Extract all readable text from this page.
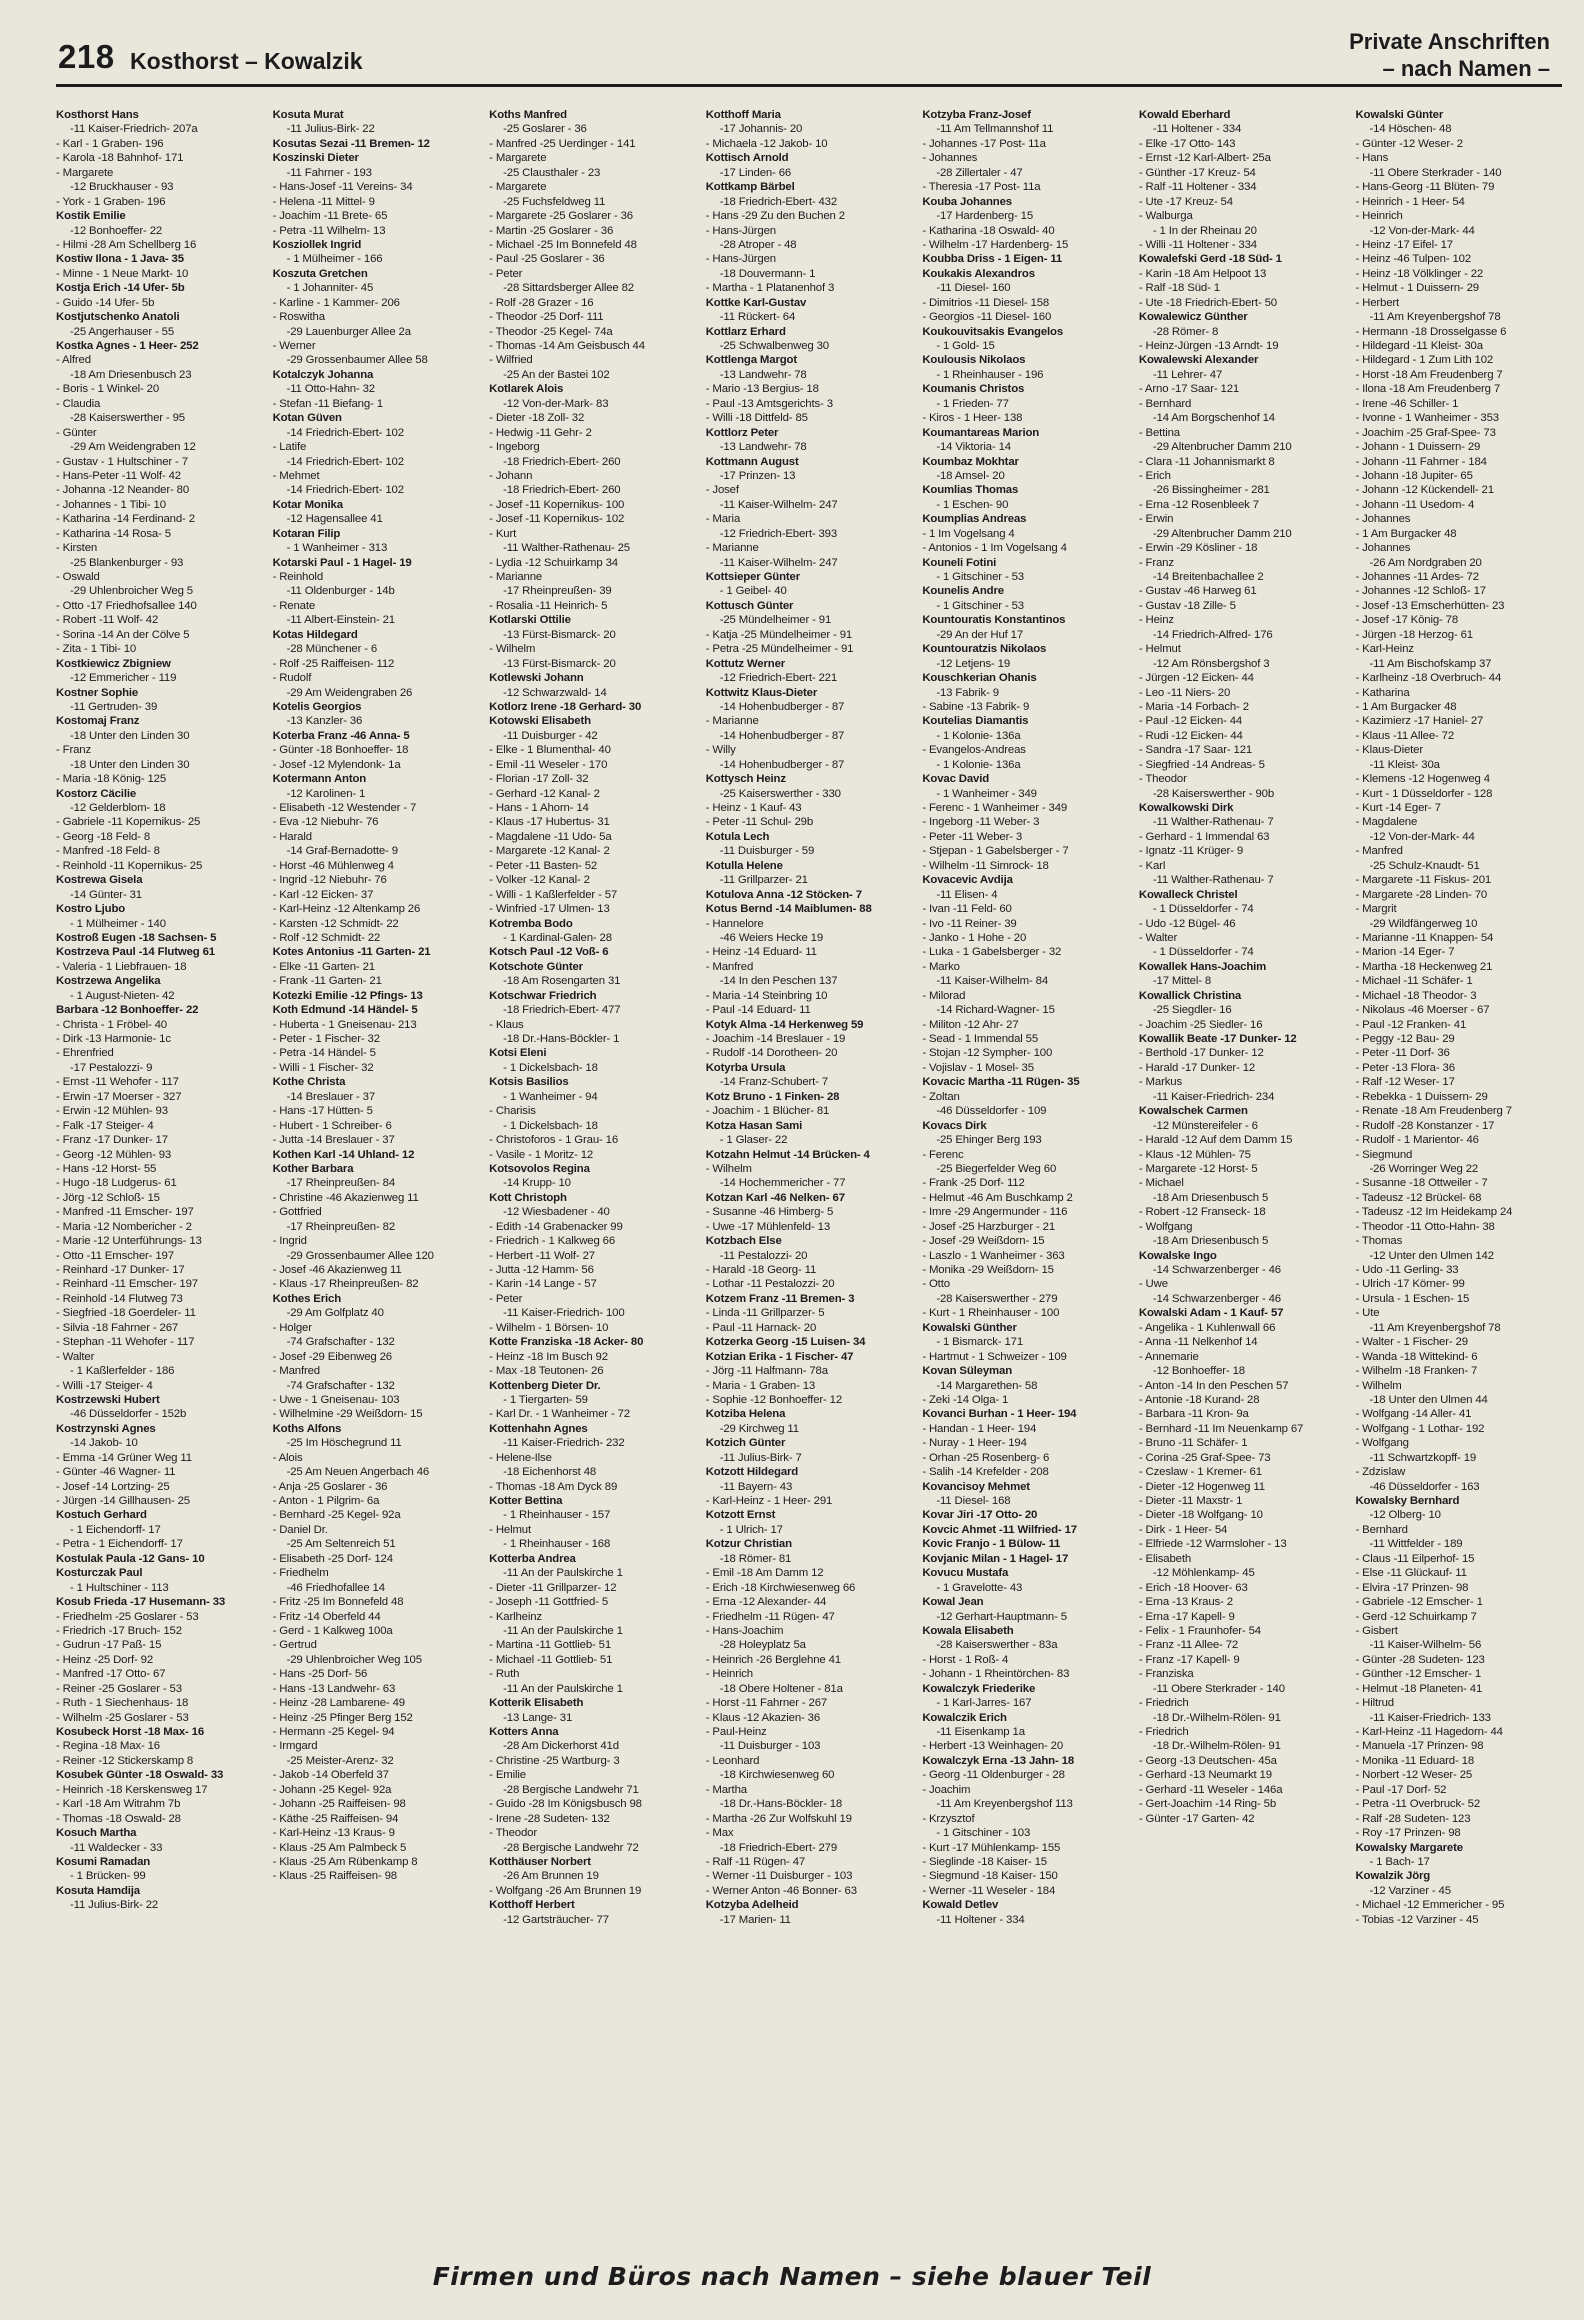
218 Kosthorst – Kowalzik
Private Anschriften
– nach Namen –
Kosthorst Hans
-11 Kaiser-Friedrich- 207a
- Karl - 1 Graben- 196
- Karola -18 Bahnhof- 171
- Margarete
-12 Bruckhauser - 93
- York - 1 Graben- 196
Kostik Emilie
-12 Bonhoeffer- 22
- Hilmi -28 Am Schellberg 16
Kostiw Ilona - 1 Java- 35
- Minne - 1 Neue Markt- 10
Kostja Erich -14 Ufer- 5b
- Guido -14 Ufer- 5b
Kostjutschenko Anatoli
-25 Angerhauser - 55
Kostka Agnes - 1 Heer- 252
- Alfred
-18 Am Driesenbusch 23
- Boris - 1 Winkel- 20
- Claudia
-28 Kaiserswerther - 95
- Günter
-29 Am Weidengraben 12
- Gustav - 1 Hultschiner - 7
- Hans-Peter -11 Wolf- 42
- Johanna -12 Neander- 80
- Johannes - 1 Tibi- 10
- Katharina -14 Ferdinand- 2
- Katharina -14 Rosa- 5
- Kirsten
-25 Blankenburger - 93
- Oswald
-29 Uhlenbroicher Weg 5
- Otto -17 Friedhofsallee 140
- Robert -11 Wolf- 42
- Sorina -14 An der Cölve 5
- Zita - 1 Tibi- 10
Kostkiewicz Zbigniew
-12 Emmericher - 119
Kostner Sophie
-11 Gertruden- 39
Kostomaj Franz
-18 Unter den Linden 30
- Franz
-18 Unter den Linden 30
- Maria -18 König- 125
Kostorz Cäcilie
-12 Gelderblom- 18
- Gabriele -11 Kopernikus- 25
- Georg -18 Feld- 8
- Manfred -18 Feld- 8
- Reinhold -11 Kopernikus- 25
Kostrewa Gisela
-14 Günter- 31
Kostro Ljubo
- 1 Mülheimer - 140
Kostroß Eugen -18 Sachsen- 5
Kostrzeva Paul -14 Flutweg 61
- Valeria - 1 Liebfrauen- 18
Kostrzewa Angelika
- 1 August-Nieten- 42
Barbara -12 Bonhoeffer- 22
- Christa - 1 Fröbel- 40
- Dirk -13 Harmonie- 1c
- Ehrenfried
-17 Pestalozzi- 9
- Ernst -11 Wehofer - 117
- Erwin -17 Moerser - 327
- Erwin -12 Mühlen- 93
- Falk -17 Steiger- 4
- Franz -17 Dunker- 17
- Georg -12 Mühlen- 93
- Hans -12 Horst- 55
- Hugo -18 Ludgerus- 61
- Jörg -12 Schloß- 15
- Manfred -11 Emscher- 197
- Maria -12 Nombericher - 2
- Marie -12 Unterführungs- 13
- Otto -11 Emscher- 197
- Reinhard -17 Dunker- 17
- Reinhard -11 Emscher- 197
- Reinhold -14 Flutweg 73
- Siegfried -18 Goerdeler- 11
- Silvia -18 Fahrner - 267
- Stephan -11 Wehofer - 117
- Walter
- 1 Kaßlerfelder - 186
- Willi -17 Steiger- 4
Kostrzewski Hubert
-46 Düsseldorfer - 152b
Kostrzynski Agnes
-14 Jakob- 10
- Emma -14 Grüner Weg 11
- Günter -46 Wagner- 11
- Josef -14 Lortzing- 25
- Jürgen -14 Gillhausen- 25
Kostuch Gerhard
- 1 Eichendorff- 17
- Petra - 1 Eichendorff- 17
Kostulak Paula -12 Gans- 10
Kosturczak Paul
- 1 Hultschiner - 113
Kosub Frieda -17 Husemann- 33
- Friedhelm -25 Goslarer - 53
- Friedrich -17 Bruch- 152
- Gudrun -17 Paß- 15
- Heinz -25 Dorf- 92
- Manfred -17 Otto- 67
- Reiner -25 Goslarer - 53
- Ruth - 1 Siechenhaus- 18
- Wilhelm -25 Goslarer - 53
Kosubeck Horst -18 Max- 16
- Regina -18 Max- 16
- Reiner -12 Stickerskamp 8
Kosubek Günter -18 Oswald- 33
- Heinrich -18 Kerskensweg 17
- Karl -18 Am Witrahm 7b
- Thomas -18 Oswald- 28
Kosuch Martha
-11 Waldecker - 33
Kosumi Ramadan
- 1 Brücken- 99
Kosuta Hamdija
-11 Julius-Birk- 22
Kosuta Murat
-11 Julius-Birk- 22
Kosutas Sezai -11 Bremen- 12
Koszinski Dieter
-11 Fahrner - 193
- Hans-Josef -11 Vereins- 34
- Helena -11 Mittel- 9
- Joachim -11 Brete- 65
- Petra -11 Wilhelm- 13
Kosziollek Ingrid
- 1 Mülheimer - 166
Koszuta Gretchen
- 1 Johanniter- 45
- Karline - 1 Kammer- 206
- Roswitha
-29 Lauenburger Allee 2a
- Werner
-29 Grossenbaumer Allee 58
Kotalczyk Johanna
-11 Otto-Hahn- 32
- Stefan -11 Biefang- 1
Kotan Güven
-14 Friedrich-Ebert- 102
- Latife
-14 Friedrich-Ebert- 102
- Mehmet
-14 Friedrich-Ebert- 102
Kotar Monika
-12 Hagensallee 41
Kotaran Filip
- 1 Wanheimer - 313
Kotarski Paul - 1 Hagel- 19
- Reinhold
-11 Oldenburger - 14b
- Renate
-11 Albert-Einstein- 21
Kotas Hildegard
-28 Münchener - 6
- Rolf -25 Raiffeisen- 112
- Rudolf
-29 Am Weidengraben 26
Kotelis Georgios
-13 Kanzler- 36
Koterba Franz -46 Anna- 5
- Günter -18 Bonhoeffer- 18
- Josef -12 Mylendonk- 1a
Kotermann Anton
-12 Karolinen- 1
- Elisabeth -12 Westender - 7
- Eva -12 Niebuhr- 76
- Harald
-14 Graf-Bernadotte- 9
- Horst -46 Mühlenweg 4
- Ingrid -12 Niebuhr- 76
- Karl -12 Eicken- 37
- Karl-Heinz -12 Altenkamp 26
- Karsten -12 Schmidt- 22
- Rolf -12 Schmidt- 22
Kotes Antonius -11 Garten- 21
- Elke -11 Garten- 21
- Frank -11 Garten- 21
Kotezki Emilie -12 Pfings- 13
Koth Edmund -14 Händel- 5
- Huberta - 1 Gneisenau- 213
- Peter - 1 Fischer- 32
- Petra -14 Händel- 5
- Willi - 1 Fischer- 32
Kothe Christa
-14 Breslauer - 37
- Hans -17 Hütten- 5
- Hubert - 1 Schreiber- 6
- Jutta -14 Breslauer - 37
Kothen Karl -14 Uhland- 12
Kother Barbara
-17 Rheinpreußen- 84
- Christine -46 Akazienweg 11
- Gottfried
-17 Rheinpreußen- 82
- Ingrid
-29 Grossenbaumer Allee 120
- Josef -46 Akazienweg 11
- Klaus -17 Rheinpreußen- 82
Kothes Erich
-29 Am Golfplatz 40
- Holger
-74 Grafschafter - 132
- Josef -29 Eibenweg 26
- Manfred
-74 Grafschafter - 132
- Uwe - 1 Gneisenau- 103
- Wilhelmine -29 Weißdorn- 15
Koths Alfons
-25 Im Höschegrund 11
- Alois
-25 Am Neuen Angerbach 46
- Anja -25 Goslarer - 36
- Anton - 1 Pilgrim- 6a
- Bernhard -25 Kegel- 92a
- Daniel Dr.
-25 Am Seltenreich 51
- Elisabeth -25 Dorf- 124
- Friedhelm
-46 Friedhofallee 14
- Fritz -25 Im Bonnefeld 48
- Fritz -14 Oberfeld 44
- Gerd - 1 Kalkweg 100a
- Gertrud
-29 Uhlenbroicher Weg 105
- Hans -25 Dorf- 56
- Hans -13 Landwehr- 63
- Heinz -28 Lambarene- 49
- Heinz -25 Pfinger Berg 152
- Hermann -25 Kegel- 94
- Irmgard
-25 Meister-Arenz- 32
- Jakob -14 Oberfeld 37
- Johann -25 Kegel- 92a
- Johann -25 Raiffeisen- 98
- Käthe -25 Raiffeisen- 94
- Karl-Heinz -13 Kraus- 9
- Klaus -25 Am Palmbeck 5
- Klaus -25 Am Rübenkamp 8
- Klaus -25 Raiffeisen- 98
Koths Manfred
-25 Goslarer - 36
- Manfred -25 Uerdinger - 141
- Margarete
-25 Clausthaler - 23
- Margarete
-25 Fuchsfeldweg 11
- Margarete -25 Goslarer - 36
- Martin -25 Goslarer - 36
- Michael -25 Im Bonnefeld 48
- Paul -25 Goslarer - 36
- Peter
-28 Sittardsberger Allee 82
- Rolf -28 Grazer - 16
- Theodor -25 Dorf- 111
- Theodor -25 Kegel- 74a
- Thomas -14 Am Geisbusch 44
- Wilfried
-25 An der Bastei 102
Kotlarek Alois
-12 Von-der-Mark- 83
- Dieter -18 Zoll- 32
- Hedwig -11 Gehr- 2
- Ingeborg
-18 Friedrich-Ebert- 260
- Johann
-18 Friedrich-Ebert- 260
- Josef -11 Kopernikus- 100
- Josef -11 Kopernikus- 102
- Kurt
-11 Walther-Rathenau- 25
- Lydia -12 Schuirkamp 34
- Marianne
-17 Rheinpreußen- 39
- Rosalia -11 Heinrich- 5
Kotlarski Ottilie
-13 Fürst-Bismarck- 20
- Wilhelm
-13 Fürst-Bismarck- 20
Kotlewski Johann
-12 Schwarzwald- 14
Kotlorz Irene -18 Gerhard- 30
Kotowski Elisabeth
-11 Duisburger - 42
- Elke - 1 Blumenthal- 40
- Emil -11 Weseler - 170
- Florian -17 Zoll- 32
- Gerhard -12 Kanal- 2
- Hans - 1 Ahorn- 14
- Klaus -17 Hubertus- 31
- Magdalene -11 Udo- 5a
- Margarete -12 Kanal- 2
- Peter -11 Basten- 52
- Volker -12 Kanal- 2
- Willi - 1 Kaßlerfelder - 57
- Winfried -17 Ulmen- 13
Kotremba Bodo
- 1 Kardinal-Galen- 28
Kotsch Paul -12 Voß- 6
Kotschote Günter
-18 Am Rosengarten 31
Kotschwar Friedrich
-18 Friedrich-Ebert- 477
- Klaus
-18 Dr.-Hans-Böckler- 1
Kotsi Eleni
- 1 Dickelsbach- 18
Kotsis Basilios
- 1 Wanheimer - 94
- Charisis
- 1 Dickelsbach- 18
- Christoforos - 1 Grau- 16
- Vasile - 1 Moritz- 12
Kotsovolos Regina
-14 Krupp- 10
Kott Christoph
-12 Wiesbadener - 40
- Edith -14 Grabenacker 99
- Friedrich - 1 Kalkweg 66
- Herbert -11 Wolf- 27
- Jutta -12 Hamm- 56
- Karin -14 Lange - 57
- Peter
-11 Kaiser-Friedrich- 100
- Wilhelm - 1 Börsen- 10
Kotte Franziska -18 Acker- 80
- Heinz -18 Im Busch 92
- Max -18 Teutonen- 26
Kottenberg Dieter Dr.
- 1 Tiergarten- 59
- Karl Dr. - 1 Wanheimer - 72
Kottenhahn Agnes
-11 Kaiser-Friedrich- 232
- Helene-Ilse
-18 Eichenhorst 48
- Thomas -18 Am Dyck 89
Kotter Bettina
- 1 Rheinhauser - 157
- Helmut
- 1 Rheinhauser - 168
Kotterba Andrea
-11 An der Paulskirche 1
- Dieter -11 Grillparzer- 12
- Joseph -11 Gottfried- 5
- Karlheinz
-11 An der Paulskirche 1
- Martina -11 Gottlieb- 51
- Michael -11 Gottlieb- 51
- Ruth
-11 An der Paulskirche 1
Kotterik Elisabeth
-13 Lange- 31
Kotters Anna
-28 Am Dickerhorst 41d
- Christine -25 Wartburg- 3
- Emilie
-28 Bergische Landwehr 71
- Guido -28 Im Königsbusch 98
- Irene -28 Sudeten- 132
- Theodor
-28 Bergische Landwehr 72
Kotthäuser Norbert
-26 Am Brunnen 19
- Wolfgang -26 Am Brunnen 19
Kotthoff Herbert
-12 Gartsträucher- 77
Kotthoff Maria
-17 Johannis- 20
- Michaela -12 Jakob- 10
Kottisch Arnold
-17 Linden- 66
Kottkamp Bärbel
-18 Friedrich-Ebert- 432
- Hans -29 Zu den Buchen 2
- Hans-Jürgen
-28 Atroper - 48
- Hans-Jürgen
-18 Douvermann- 1
- Martha - 1 Platanenhof 3
Kottke Karl-Gustav
-11 Rückert- 64
Kottlarz Erhard
-25 Schwalbenweg 30
Kottlenga Margot
-13 Landwehr- 78
- Mario -13 Bergius- 18
- Paul -13 Amtsgerichts- 3
- Willi -18 Dittfeld- 85
Kottlorz Peter
-13 Landwehr- 78
Kottmann August
-17 Prinzen- 13
- Josef
-11 Kaiser-Wilhelm- 247
- Maria
-12 Friedrich-Ebert- 393
- Marianne
-11 Kaiser-Wilhelm- 247
Kottsieper Günter
- 1 Geibel- 40
Kottusch Günter
-25 Mündelheimer - 91
- Katja -25 Mündelheimer - 91
- Petra -25 Mündelheimer - 91
Kottutz Werner
-12 Friedrich-Ebert- 221
Kottwitz Klaus-Dieter
-14 Hohenbudberger - 87
- Marianne
-14 Hohenbudberger - 87
- Willy
-14 Hohenbudberger - 87
Kottysch Heinz
-25 Kaiserswerther - 330
- Heinz - 1 Kauf- 43
- Peter -11 Schul- 29b
Kotula Lech
-11 Duisburger - 59
Kotulla Helene
-11 Grillparzer- 21
Kotulova Anna -12 Stöcken- 7
Kotus Bernd -14 Maiblumen- 88
- Hannelore
-46 Weiers Hecke 19
- Heinz -14 Eduard- 11
- Manfred
-14 In den Peschen 137
- Maria -14 Steinbring 10
- Paul -14 Eduard- 11
Kotyk Alma -14 Herkenweg 59
- Joachim -14 Breslauer - 19
- Rudolf -14 Dorotheen- 20
Kotyrba Ursula
-14 Franz-Schubert- 7
Kotz Bruno - 1 Finken- 28
- Joachim - 1 Blücher- 81
Kotza Hasan Sami
- 1 Glaser- 22
Kotzahn Helmut -14 Brücken- 4
- Wilhelm
-14 Hochemmericher - 77
Kotzan Karl -46 Nelken- 67
- Susanne -46 Himberg- 5
- Uwe -17 Mühlenfeld- 13
Kotzbach Else
-11 Pestalozzi- 20
- Harald -18 Georg- 11
- Lothar -11 Pestalozzi- 20
Kotzem Franz -11 Bremen- 3
- Linda -11 Grillparzer- 5
- Paul -11 Harnack- 20
Kotzerka Georg -15 Luisen- 34
Kotzian Erika - 1 Fischer- 47
- Jörg -11 Halfmann- 78a
- Maria - 1 Graben- 13
- Sophie -12 Bonhoeffer- 12
Kotziba Helena
-29 Kirchweg 11
Kotzich Günter
-11 Julius-Birk- 7
Kotzott Hildegard
-11 Bayern- 43
- Karl-Heinz - 1 Heer- 291
Kotzott Ernst
- 1 Ulrich- 17
Kotzur Christian
-18 Römer- 81
- Emil -18 Am Damm 12
- Erich -18 Kirchwiesenweg 66
- Erna -12 Alexander- 44
- Friedhelm -11 Rügen- 47
- Hans-Joachim
-28 Holeyplatz 5a
- Heinrich -26 Berglehne 41
- Heinrich
-18 Obere Holtener - 81a
- Horst -11 Fahrner - 267
- Klaus -12 Akazien- 36
- Paul-Heinz
-11 Duisburger - 103
- Leonhard
-18 Kirchwiesenweg 60
- Martha
-18 Dr.-Hans-Böckler- 18
- Martha -26 Zur Wolfskuhl 19
- Max
-18 Friedrich-Ebert- 279
- Ralf -11 Rügen- 47
- Werner -11 Duisburger - 103
- Werner Anton -46 Bonner- 63
Kotzyba Adelheid
-17 Marien- 11
Kotzyba Franz-Josef
-11 Am Tellmannshof 11
- Johannes -17 Post- 11a
- Johannes
-28 Zillertaler - 47
- Theresia -17 Post- 11a
Kouba Johannes
-17 Hardenberg- 15
- Katharina -18 Oswald- 40
- Wilhelm -17 Hardenberg- 15
Koubba Driss - 1 Eigen- 11
Koukakis Alexandros
-11 Diesel- 160
- Dimitrios -11 Diesel- 158
- Georgios -11 Diesel- 160
Koukouvitsakis Evangelos
- 1 Gold- 15
Koulousis Nikolaos
- 1 Rheinhauser - 196
Koumanis Christos
- 1 Frieden- 77
- Kiros - 1 Heer- 138
Koumantareas Marion
-14 Viktoria- 14
Koumbaz Mokhtar
-18 Amsel- 20
Koumlias Thomas
- 1 Eschen- 90
Koumplias Andreas
- 1 Im Vogelsang 4
- Antonios - 1 Im Vogelsang 4
Kouneli Fotini
- 1 Gitschiner - 53
Kounelis Andre
- 1 Gitschiner - 53
Kountouratis Konstantinos
-29 An der Huf 17
Kountouratzis Nikolaos
-12 Letjens- 19
Kouschkerian Ohanis
-13 Fabrik- 9
- Sabine -13 Fabrik- 9
Koutelias Diamantis
- 1 Kolonie- 136a
- Evangelos-Andreas
- 1 Kolonie- 136a
Kovac David
- 1 Wanheimer - 349
- Ferenc - 1 Wanheimer - 349
- Ingeborg -11 Weber- 3
- Peter -11 Weber- 3
- Stjepan - 1 Gabelsberger - 7
- Wilhelm -11 Simrock- 18
Kovacevic Avdija
-11 Elisen- 4
- Ivan -11 Feld- 60
- Ivo -11 Reiner- 39
- Janko - 1 Hohe - 20
- Luka - 1 Gabelsberger - 32
- Marko
-11 Kaiser-Wilhelm- 84
- Milorad
-14 Richard-Wagner- 15
- Militon -12 Ahr- 27
- Sead - 1 Immendal 55
- Stojan -12 Sympher- 100
- Vojislav - 1 Mosel- 35
Kovacic Martha -11 Rügen- 35
- Zoltan
-46 Düsseldorfer - 109
Kovacs Dirk
-25 Ehinger Berg 193
- Ferenc
-25 Biegerfelder Weg 60
- Frank -25 Dorf- 112
- Helmut -46 Am Buschkamp 2
- Imre -29 Angermunder - 116
- Josef -25 Harzburger - 21
- Josef -29 Weißdorn- 15
- Laszlo - 1 Wanheimer - 363
- Monika -29 Weißdorn- 15
- Otto
-28 Kaiserswerther - 279
- Kurt - 1 Rheinhauser - 100
Kowalski Günther
- 1 Bismarck- 171
- Hartmut - 1 Schweizer - 109
Kovan Süleyman
-14 Margarethen- 58
- Zeki -14 Olga- 1
Kovanci Burhan - 1 Heer- 194
- Handan - 1 Heer- 194
- Nuray - 1 Heer- 194
- Orhan -25 Rosenberg- 6
- Salih -14 Krefelder - 208
Kovancisoy Mehmet
-11 Diesel- 168
Kovar Jiri -17 Otto- 20
Kovcic Ahmet -11 Wilfried- 17
Kovic Franjo - 1 Bülow- 11
Kovjanic Milan - 1 Hagel- 17
Kovucu Mustafa
- 1 Gravelotte- 43
Kowal Jean
-12 Gerhart-Hauptmann- 5
Kowala Elisabeth
-28 Kaiserswerther - 83a
- Horst - 1 Roß- 4
- Johann - 1 Rheintörchen- 83
Kowalczyk Friederike
- 1 Karl-Jarres- 167
Kowalczik Erich
-11 Eisenkamp 1a
- Herbert -13 Weinhagen- 20
Kowalczyk Erna -13 Jahn- 18
- Georg -11 Oldenburger - 28
- Joachim
-11 Am Kreyenbergshof 113
- Krzysztof
- 1 Gitschiner - 103
- Kurt -17 Mühlenkamp- 155
- Sieglinde -18 Kaiser- 15
- Siegmund -18 Kaiser- 150
- Werner -11 Weseler - 184
Kowald Detlev
-11 Holtener - 334
Kowald Eberhard
-11 Holtener - 334
- Elke -17 Otto- 143
- Ernst -12 Karl-Albert- 25a
- Günther -17 Kreuz- 54
- Ralf -11 Holtener - 334
- Ute -17 Kreuz- 54
- Walburga
- 1 In der Rheinau 20
- Willi -11 Holtener - 334
Kowalefski Gerd -18 Süd- 1
- Karin -18 Am Helpoot 13
- Ralf -18 Süd- 1
- Ute -18 Friedrich-Ebert- 50
Kowalewicz Günther
-28 Römer- 8
- Heinz-Jürgen -13 Arndt- 19
Kowalewski Alexander
-11 Lehrer- 47
- Arno -17 Saar- 121
- Bernhard
-14 Am Borgschenhof 14
- Bettina
-29 Altenbrucher Damm 210
- Clara -11 Johannismarkt 8
- Erich
-26 Bissingheimer - 281
- Erna -12 Rosenbleek 7
- Erwin
-29 Altenbrucher Damm 210
- Erwin -29 Kösliner - 18
- Franz
-14 Breitenbachallee 2
- Gustav -46 Harweg 61
- Gustav -18 Zille- 5
- Heinz
-14 Friedrich-Alfred- 176
- Helmut
-12 Am Rönsbergshof 3
- Jürgen -12 Eicken- 44
- Leo -11 Niers- 20
- Maria -14 Forbach- 2
- Paul -12 Eicken- 44
- Rudi -12 Eicken- 44
- Sandra -17 Saar- 121
- Siegfried -14 Andreas- 5
- Theodor
-28 Kaiserswerther - 90b
Kowalkowski Dirk
-11 Walther-Rathenau- 7
- Gerhard - 1 Immendal 63
- Ignatz -11 Krüger- 9
- Karl
-11 Walther-Rathenau- 7
Kowalleck Christel
- 1 Düsseldorfer - 74
- Udo -12 Bügel- 46
- Walter
- 1 Düsseldorfer - 74
Kowallek Hans-Joachim
-17 Mittel- 8
Kowallick Christina
-25 Siegdler- 16
- Joachim -25 Siedler- 16
Kowallik Beate -17 Dunker- 12
- Berthold -17 Dunker- 12
- Harald -17 Dunker- 12
- Markus
-11 Kaiser-Friedrich- 234
Kowalschek Carmen
-12 Münstereifeler - 6
- Harald -12 Auf dem Damm 15
- Klaus -12 Mühlen- 75
- Margarete -12 Horst- 5
- Michael
-18 Am Driesenbusch 5
- Robert -12 Franseck- 18
- Wolfgang
-18 Am Driesenbusch 5
Kowalske Ingo
-14 Schwarzenberger - 46
- Uwe
-14 Schwarzenberger - 46
Kowalski Adam - 1 Kauf- 57
- Angelika - 1 Kuhlenwall 66
- Anna -11 Nelkenhof 14
- Annemarie
-12 Bonhoeffer- 18
- Anton -14 In den Peschen 57
- Antonie -18 Kurand- 28
- Barbara -11 Kron- 9a
- Bernhard -11 Im Neuenkamp 67
- Bruno -11 Schäfer- 1
- Corina -25 Graf-Spee- 73
- Czeslaw - 1 Kremer- 61
- Dieter -12 Hogenweg 11
- Dieter -11 Maxstr- 1
- Dieter -18 Wolfgang- 10
- Dirk - 1 Heer- 54
- Elfriede -12 Warmsloher - 13
- Elisabeth
-12 Möhlenkamp- 45
- Erich -18 Hoover- 63
- Erna -13 Kraus- 2
- Erna -17 Kapell- 9
- Felix - 1 Fraunhofer- 54
- Franz -11 Allee- 72
- Franz -17 Kapell- 9
- Franziska
-11 Obere Sterkrader - 140
- Friedrich
-18 Dr.-Wilhelm-Rölen- 91
- Friedrich
-18 Dr.-Wilhelm-Rölen- 91
- Georg -13 Deutschen- 45a
- Gerhard -13 Neumarkt 19
- Gerhard -11 Weseler - 146a
- Gert-Joachim -14 Ring- 5b
- Günter -17 Garten- 42
Kowalski Günter
-14 Höschen- 48
- Günter -12 Weser- 2
- Hans
-11 Obere Sterkrader - 140
- Hans-Georg -11 Blüten- 79
- Heinrich - 1 Heer- 54
- Heinrich
-12 Von-der-Mark- 44
- Heinz -17 Eifel- 17
- Heinz -46 Tulpen- 102
- Heinz -18 Völklinger - 22
- Helmut - 1 Duissern- 29
- Herbert
-11 Am Kreyenbergshof 78
- Hermann -18 Drosselgasse 6
- Hildegard -11 Kleist- 30a
- Hildegard - 1 Zum Lith 102
- Horst -18 Am Freudenberg 7
- Ilona -18 Am Freudenberg 7
- Irene -46 Schiller- 1
- Ivonne - 1 Wanheimer - 353
- Joachim -25 Graf-Spee- 73
- Johann - 1 Duissern- 29
- Johann -11 Fahrner - 184
- Johann -18 Jupiter- 65
- Johann -12 Kückendell- 21
- Johann -11 Usedom- 4
- Johannes
- 1 Am Burgacker 48
- Johannes
-26 Am Nordgraben 20
- Johannes -11 Ardes- 72
- Johannes -12 Schloß- 17
- Josef -13 Emscherhütten- 23
- Josef -17 Kōnig- 78
- Jürgen -18 Herzog- 61
- Karl-Heinz
-11 Am Bischofskamp 37
- Karlheinz -18 Overbruch- 44
- Katharina
- 1 Am Burgacker 48
- Kazimierz -17 Haniel- 27
- Klaus -11 Allee- 72
- Klaus-Dieter
-11 Kleist- 30a
- Klemens -12 Hogenweg 4
- Kurt - 1 Düsseldorfer - 128
- Kurt -14 Eger- 7
- Magdalene
-12 Von-der-Mark- 44
- Manfred
-25 Schulz-Knaudt- 51
- Margarete -11 Fiskus- 201
- Margarete -28 Linden- 70
- Margrit
-29 Wildfängerweg 10
- Marianne -11 Knappen- 54
- Marion -14 Eger- 7
- Martha -18 Heckenweg 21
- Michael -11 Schäfer- 1
- Michael -18 Theodor- 3
- Nikolaus -46 Moerser - 67
- Paul -12 Franken- 41
- Peggy -12 Bau- 29
- Peter -11 Dorf- 36
- Peter -13 Flora- 36
- Ralf -12 Weser- 17
- Rebekka - 1 Duissern- 29
- Renate -18 Am Freudenberg 7
- Rudolf -28 Konstanzer - 17
- Rudolf - 1 Marientor- 46
- Siegmund
-26 Worringer Weg 22
- Susanne -18 Ottweiler - 7
- Tadeusz -12 Brückel- 68
- Tadeusz -12 Im Heidekamp 24
- Theodor -11 Otto-Hahn- 38
- Thomas
-12 Unter den Ulmen 142
- Udo -11 Gerling- 33
- Ulrich -17 Körner- 99
- Ursula - 1 Eschen- 15
- Ute
-11 Am Kreyenbergshof 78
- Walter - 1 Fischer- 29
- Wanda -18 Wittekind- 6
- Wilhelm -18 Franken- 7
- Wilhelm
-18 Unter den Ulmen 44
- Wolfgang -14 Aller- 41
- Wolfgang - 1 Lothar- 192
- Wolfgang
-11 Schwartzkopff- 19
- Zdzislaw
-46 Düsseldorfer - 163
Kowalsky Bernhard
-12 Olberg- 10
- Bernhard
-11 Wittfelder - 189
- Claus -11 Eilperhof- 15
- Else -11 Glückauf- 11
- Elvira -17 Prinzen- 98
- Gabriele -12 Emscher- 1
- Gerd -12 Schuirkamp 7
- Gisbert
-11 Kaiser-Wilhelm- 56
- Günter -28 Sudeten- 123
- Günther -12 Emscher- 1
- Helmut -18 Planeten- 41
- Hiltrud
-11 Kaiser-Friedrich- 133
- Karl-Heinz -11 Hagedorn- 44
- Manuela -17 Prinzen- 98
- Monika -11 Eduard- 18
- Norbert -12 Weser- 25
- Paul -17 Dorf- 52
- Petra -11 Overbruck- 52
- Ralf -28 Sudeten- 123
- Roy -17 Prinzen- 98
Kowalsky Margarete
- 1 Bach- 17
Kowalzik Jörg
-12 Varziner - 45
- Michael -12 Emmericher - 95
- Tobias -12 Varziner - 45
Firmen und Büros nach Namen – siehe blauer Teil
